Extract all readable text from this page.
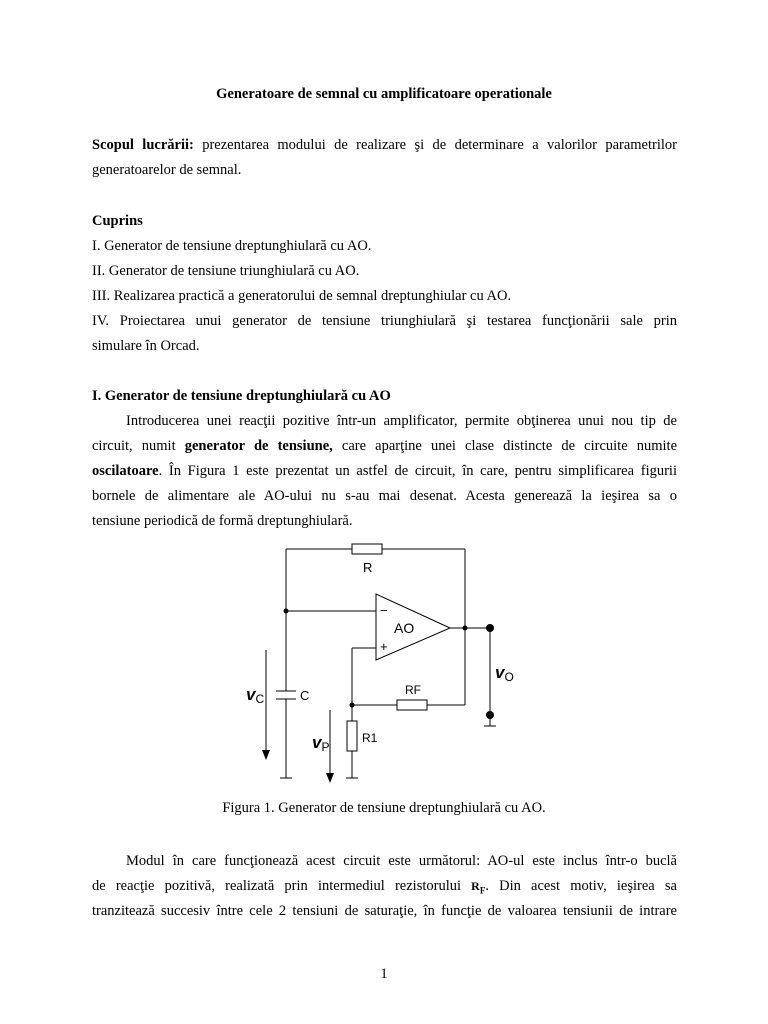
Generatoare de semnal cu amplificatoare operationale
Scopul lucrării: prezentarea modului de realizare şi de determinare a valorilor parametrilor
generatoarelor de semnal.
Cuprins
I. Generator de tensiune dreptunghiulară cu AO.
II. Generator de tensiune triunghiulară cu AO.
III. Realizarea practică a generatorului de semnal dreptunghiular cu AO.
IV. Proiectarea unui generator de tensiune triunghiulară şi testarea funcţionării sale prin
simulare în Orcad.
I. Generator de tensiune dreptunghiulară cu AO
Introducerea unei reacţii pozitive într-un amplificator, permite obţinerea unui nou tip de
circuit, numit generator de tensiune, care aparţine unei clase distincte de circuite numite
oscilatoare. În Figura 1 este prezentat un astfel de circuit, în care, pentru simplificarea figurii
bornele de alimentare ale AO-ului nu s-au mai desenat. Acesta generează la ieşirea sa o
tensiune periodică de formă dreptunghiulară.
R
−
+
AO
C	RF
R1
vC
vP
vO
Figura 1. Generator de tensiune dreptunghiulară cu AO.
Modul în care funcţionează acest circuit este următorul: AO-ul este inclus într-o buclă
de reacţie pozitivă, realizată prin intermediul rezistorului $R_F$. Din acest motiv, ieşirea sa
tranzitează succesiv între cele 2 tensiuni de saturaţie, în funcţie de valoarea tensiunii de intrare
1
